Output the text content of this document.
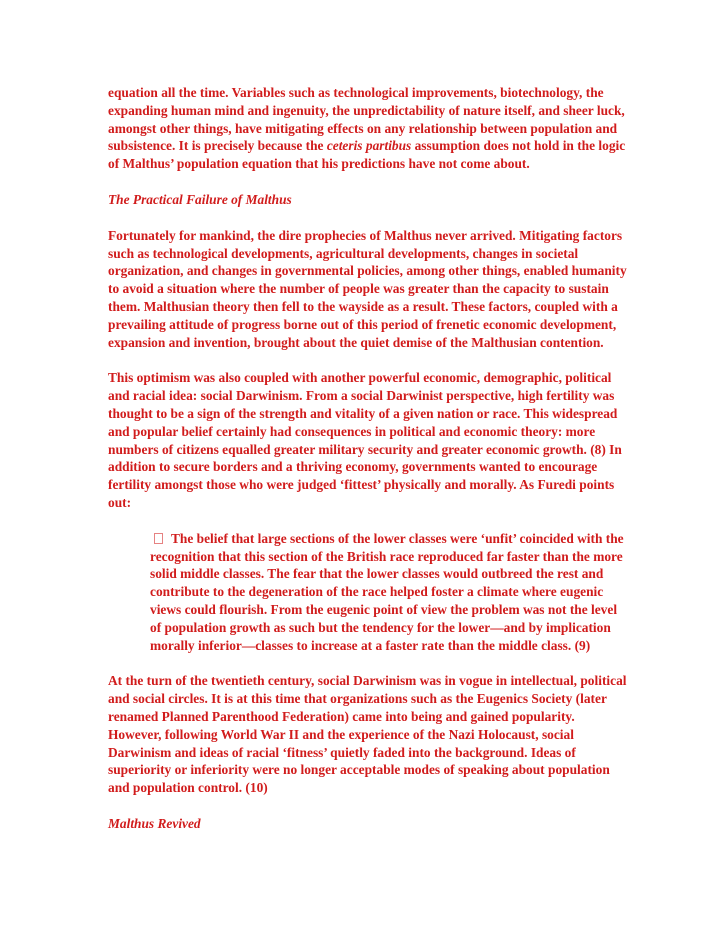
equation all the time. Variables such as technological improvements, biotechnology, the expanding human mind and ingenuity, the unpredictability of nature itself, and sheer luck, amongst other things, have mitigating effects on any relationship between population and subsistence. It is precisely because the ceteris partibus assumption does not hold in the logic of Malthus’ population equation that his predictions have not come about.

The Practical Failure of Malthus

Fortunately for mankind, the dire prophecies of Malthus never arrived. Mitigating factors such as technological developments, agricultural developments, changes in societal organization, and changes in governmental policies, among other things, enabled humanity to avoid a situation where the number of people was greater than the capacity to sustain them. Malthusian theory then fell to the wayside as a result. These factors, coupled with a prevailing attitude of progress borne out of this period of frenetic economic development, expansion and invention, brought about the quiet demise of the Malthusian contention.

This optimism was also coupled with another powerful economic, demographic, political and racial idea: social Darwinism. From a social Darwinist perspective, high fertility was thought to be a sign of the strength and vitality of a given nation or race. This widespread and popular belief certainly had consequences in political and economic theory: more numbers of citizens equalled greater military security and greater economic growth. (8) In addition to secure borders and a thriving economy, governments wanted to encourage fertility amongst those who were judged ‘fittest’ physically and morally. As Furedi points out:

The belief that large sections of the lower classes were ‘unfit’ coincided with the recognition that this section of the British race reproduced far faster than the more solid middle classes. The fear that the lower classes would outbreed the rest and contribute to the degeneration of the race helped foster a climate where eugenic views could flourish. From the eugenic point of view the problem was not the level of population growth as such but the tendency for the lower—and by implication morally inferior—classes to increase at a faster rate than the middle class. (9)

At the turn of the twentieth century, social Darwinism was in vogue in intellectual, political and social circles. It is at this time that organizations such as the Eugenics Society (later renamed Planned Parenthood Federation) came into being and gained popularity. However, following World War II and the experience of the Nazi Holocaust, social Darwinism and ideas of racial ‘fitness’ quietly faded into the background. Ideas of superiority or inferiority were no longer acceptable modes of speaking about population and population control. (10)

Malthus Revived
